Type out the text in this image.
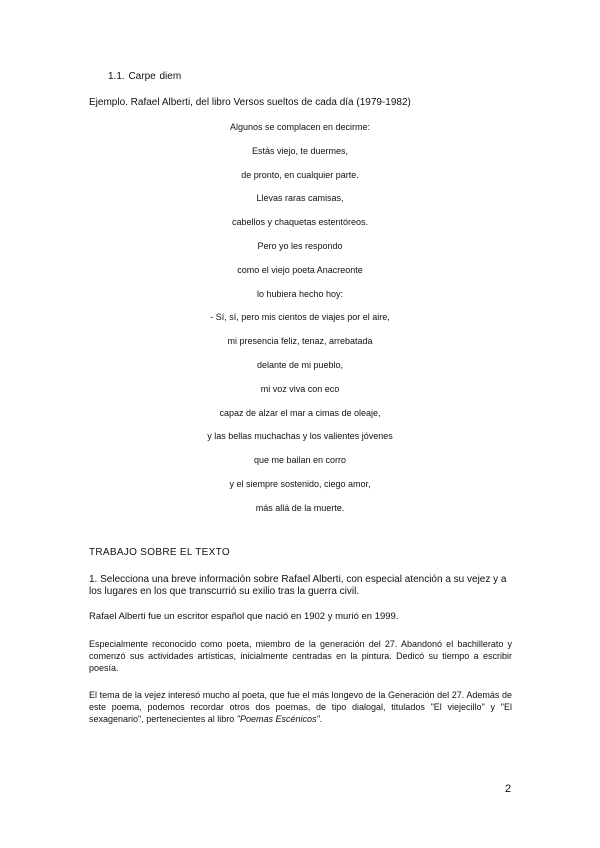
1.1. Carpe diem
Ejemplo. Rafael Alberti, del libro Versos sueltos de cada día (1979-1982)
Algunos se complacen en decirme:
Estás viejo, te duermes,
de pronto, en cualquier parte.
Llevas raras camisas,
cabellos y chaquetas estentóreos.
Pero yo les respondo
como el viejo poeta Anacreonte
lo hubiera hecho hoy:
- Sí, sí, pero mis cientos de viajes por el aire,
mi presencia feliz, tenaz, arrebatada
delante de mi pueblo,
mi voz viva con eco
capaz de alzar el mar a cimas de oleaje,
y las bellas muchachas y los valientes jóvenes
que me bailan en corro
y el siempre sostenido, ciego amor,
más allá de la muerte.
TRABAJO SOBRE EL TEXTO

1. Selecciona una breve información sobre Rafael Alberti, con especial atención a su vejez y a los lugares en los que transcurrió su exilio tras la guerra civil.

Rafael Alberti fue un escritor español que nació en 1902 y murió en 1999.

Especialmente reconocido como poeta, miembro de la generación del 27. Abandonó el bachillerato y comenzó sus actividades artísticas, inicialmente centradas en la pintura. Dedicó su tiempo a escribir poesía.

El tema de la vejez interesó mucho al poeta, que fue el más longevo de la Generación del 27. Además de este poema, podemos recordar otros dos poemas, de tipo dialogal, titulados "El viejecillo" y "El sexagenario", pertenecientes al libro "Poemas Escénicos".

2
